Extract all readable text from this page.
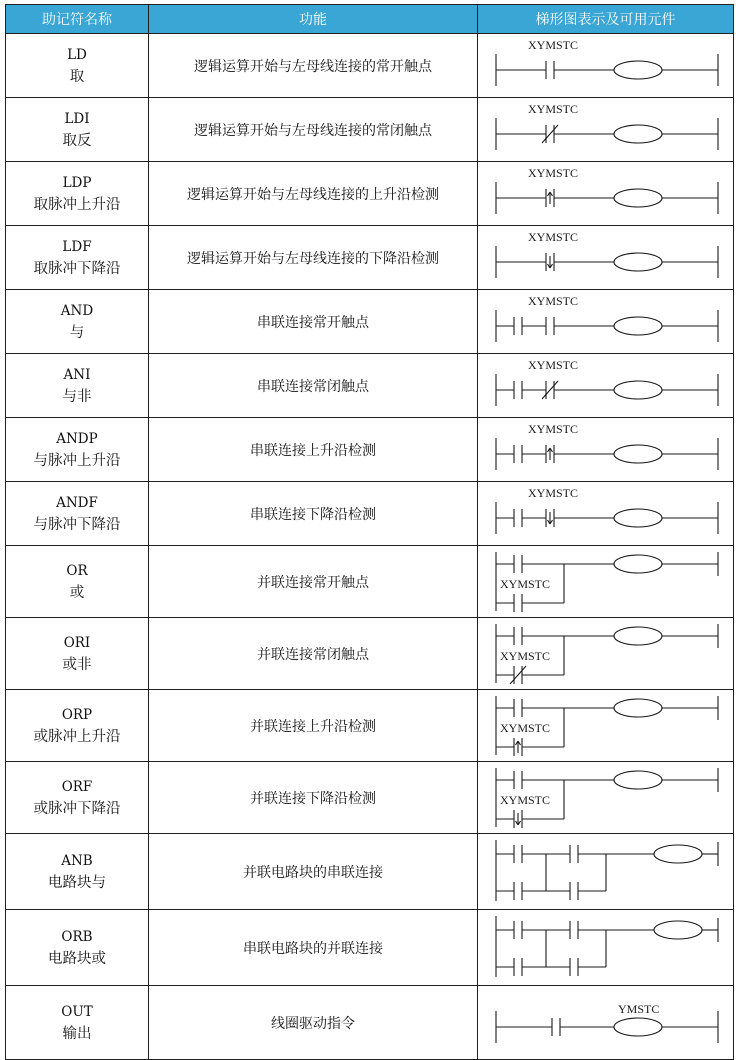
助记符名称	功能	梯形图表示及可用元件

LD
取	逻辑运算开始与左母线连接的常开触点	XYMSTC

LDI
取反	逻辑运算开始与左母线连接的常闭触点	XYMSTC

LDP
取脉冲上升沿	逻辑运算开始与左母线连接的上升沿检测	XYMSTC

LDF
取脉冲下降沿	逻辑运算开始与左母线连接的下降沿检测	XYMSTC

AND
与	串联连接常开触点	XYMSTC

ANI
与非	串联连接常闭触点	XYMSTC

ANDP
与脉冲上升沿	串联连接上升沿检测	XYMSTC

ANDF
与脉冲下降沿	串联连接下降沿检测	XYMSTC

OR
或	并联连接常开触点	XYMSTC

ORI
或非	并联连接常闭触点	XYMSTC

ORP
或脉冲上升沿	并联连接上升沿检测	XYMSTC

ORF
或脉冲下降沿	并联连接下降沿检测	XYMSTC

ANB
电路块与	并联电路块的串联连接	

ORB
电路块或	串联电路块的并联连接	

OUT
输出	线圈驱动指令	YMSTC
